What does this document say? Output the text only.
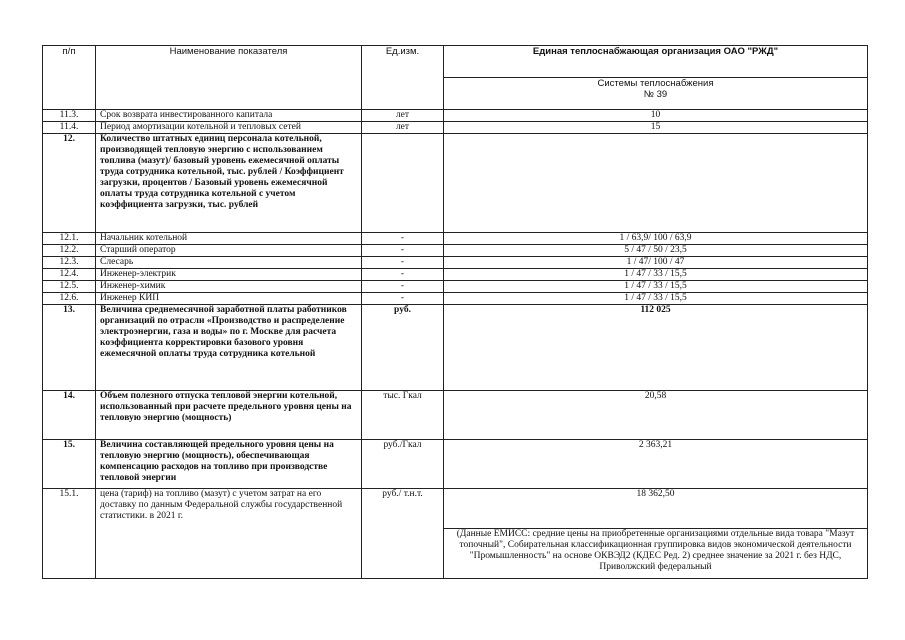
п/п	Наименование показателя	Ед.изм.	Единая теплоснабжающая организация ОАО "РЖД"

			Системы теплоснабжения
№ 39

11.3.	Срок возврата инвестированного капитала	лет	10
11.4.	Период амортизации котельной и тепловых сетей	лет	15
12.	Количество штатных единиц персонала котельной, производящей тепловую энергию с использованием топлива (мазут)/ базовый уровень ежемесячной оплаты труда сотрудника котельной, тыс. рублей / Коэффициент загрузки, процентов / Базовый уровень ежемесячной оплаты труда сотрудника котельной с учетом коэффициента загрузки, тыс. рублей		
12.1.	Начальник котельной	-	1 / 63,9/ 100 / 63,9
12.2.	Старший оператор	-	5 / 47 / 50 / 23,5
12.3.	Слесарь	-	1 / 47/ 100 / 47
12.4.	Инженер-электрик	-	1 / 47 / 33 / 15,5
12.5.	Инженер-химик	-	1 / 47 / 33 / 15,5
12.6.	Инженер КИП	-	1 / 47 / 33 / 15,5
13.	Величина среднемесячной заработной платы работников организаций по отрасли «Производство и распределение электроэнергии, газа и воды» по г. Москве для расчета коэффициента корректировки базового уровня ежемесячной оплаты труда сотрудника котельной	руб.	112 025
14.	Объем полезного отпуска тепловой энергии котельной, использованный при расчете предельного уровня цены на тепловую энергию (мощность)	тыс. Гкал	20,58
15.	Величина составляющей предельного уровня цены на тепловую энергию (мощность), обеспечивающая компенсацию расходов на топливо при производстве тепловой энергии	руб./Гкал	2 363,21
15.1.	цена (тариф) на топливо (мазут) с учетом затрат на его доставку по данным Федеральной службы государственной статистики. в 2021 г.	руб./ т.н.т.	18 362,50
			(Данные ЕМИСС: средние цены на приобретенные организациями отдельные вида товара "Мазут топочный", Собирательная классификационная группировка видов экономической деятельности "Промышленность" на основе ОКВЭД2 (КДЕС Ред. 2) среднее значение за 2021 г. без НДС, Приволжский федеральный
